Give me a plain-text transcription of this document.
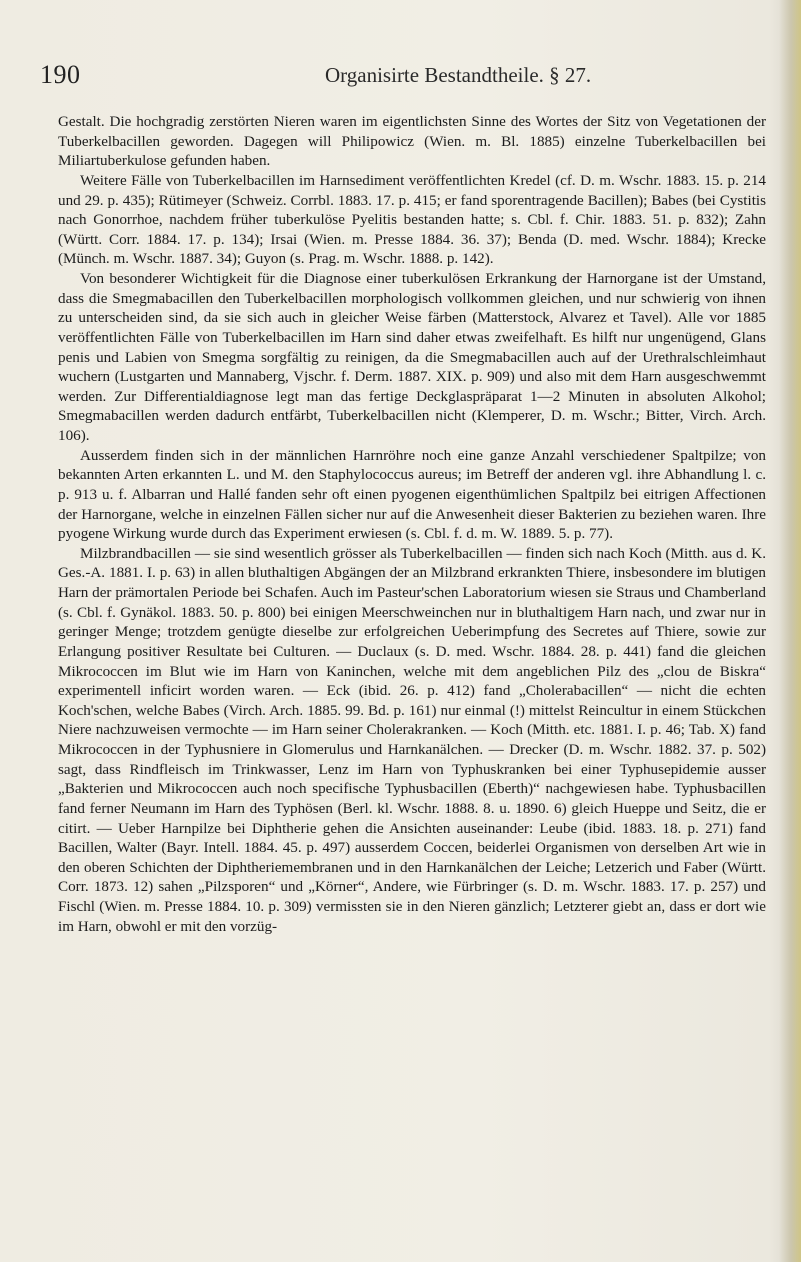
190	Organisirte Bestandtheile. § 27.

Gestalt. Die hochgradig zerstörten Nieren waren im eigentlichsten Sinne des Wortes der Sitz von Vegetationen der Tuberkelbacillen geworden. Dagegen will Philipowicz (Wien. m. Bl. 1885) einzelne Tuberkelbacillen bei Miliartuberkulose gefunden haben.

Weitere Fälle von Tuberkelbacillen im Harnsediment veröffentlichten Kredel (cf. D. m. Wschr. 1883. 15. p. 214 und 29. p. 435); Rütimeyer (Schweiz. Corrbl. 1883. 17. p. 415; er fand sporentragende Bacillen); Babes (bei Cystitis nach Gonorrhoe, nachdem früher tuberkulöse Pyelitis bestanden hatte; s. Cbl. f. Chir. 1883. 51. p. 832); Zahn (Württ. Corr. 1884. 17. p. 134); Irsai (Wien. m. Presse 1884. 36. 37); Benda (D. med. Wschr. 1884); Krecke (Münch. m. Wschr. 1887. 34); Guyon (s. Prag. m. Wschr. 1888. p. 142).

Von besonderer Wichtigkeit für die Diagnose einer tuberkulösen Erkrankung der Harnorgane ist der Umstand, dass die Smegmabacillen den Tuberkelbacillen morphologisch vollkommen gleichen, und nur schwierig von ihnen zu unterscheiden sind, da sie sich auch in gleicher Weise färben (Matterstock, Alvarez et Tavel). Alle vor 1885 veröffentlichten Fälle von Tuberkelbacillen im Harn sind daher etwas zweifelhaft. Es hilft nur ungenügend, Glans penis und Labien von Smegma sorgfältig zu reinigen, da die Smegmabacillen auch auf der Urethralschleimhaut wuchern (Lustgarten und Mannaberg, Vjschr. f. Derm. 1887. XIX. p. 909) und also mit dem Harn ausgeschwemmt werden. Zur Differentialdiagnose legt man das fertige Deckglaspräparat 1—2 Minuten in absoluten Alkohol; Smegmabacillen werden dadurch entfärbt, Tuberkelbacillen nicht (Klemperer, D. m. Wschr.; Bitter, Virch. Arch. 106).

Ausserdem finden sich in der männlichen Harnröhre noch eine ganze Anzahl verschiedener Spaltpilze; von bekannten Arten erkannten L. und M. den Staphylococcus aureus; im Betreff der anderen vgl. ihre Abhandlung l. c. p. 913 u. f. Albarran und Hallé fanden sehr oft einen pyogenen eigenthümlichen Spaltpilz bei eitrigen Affectionen der Harnorgane, welche in einzelnen Fällen sicher nur auf die Anwesenheit dieser Bakterien zu beziehen waren. Ihre pyogene Wirkung wurde durch das Experiment erwiesen (s. Cbl. f. d. m. W. 1889. 5. p. 77).

Milzbrandbacillen — sie sind wesentlich grösser als Tuberkelbacillen — finden sich nach Koch (Mitth. aus d. K. Ges.-A. 1881. I. p. 63) in allen bluthaltigen Abgängen der an Milzbrand erkrankten Thiere, insbesondere im blutigen Harn der prämortalen Periode bei Schafen. Auch im Pasteur'schen Laboratorium wiesen sie Straus und Chamberland (s. Cbl. f. Gynäkol. 1883. 50. p. 800) bei einigen Meerschweinchen nur in bluthaltigem Harn nach, und zwar nur in geringer Menge; trotzdem genügte dieselbe zur erfolgreichen Ueberimpfung des Secretes auf Thiere, sowie zur Erlangung positiver Resultate bei Culturen. — Duclaux (s. D. med. Wschr. 1884. 28. p. 441) fand die gleichen Mikrococcen im Blut wie im Harn von Kaninchen, welche mit dem angeblichen Pilz des „clou de Biskra“ experimentell inficirt worden waren. — Eck (ibid. 26. p. 412) fand „Cholerabacillen“ — nicht die echten Koch'schen, welche Babes (Virch. Arch. 1885. 99. Bd. p. 161) nur einmal (!) mittelst Reincultur in einem Stückchen Niere nachzuweisen vermochte — im Harn seiner Cholerakranken. — Koch (Mitth. etc. 1881. I. p. 46; Tab. X) fand Mikrococcen in der Typhusniere in Glomerulus und Harnkanälchen. — Drecker (D. m. Wschr. 1882. 37. p. 502) sagt, dass Rindfleisch im Trinkwasser, Lenz im Harn von Typhuskranken bei einer Typhusepidemie ausser „Bakterien und Mikrococcen auch noch specifische Typhusbacillen (Eberth)“ nachgewiesen habe. Typhusbacillen fand ferner Neumann im Harn des Typhösen (Berl. kl. Wschr. 1888. 8. u. 1890. 6) gleich Hueppe und Seitz, die er citirt. — Ueber Harnpilze bei Diphtherie gehen die Ansichten auseinander: Leube (ibid. 1883. 18. p. 271) fand Bacillen, Walter (Bayr. Intell. 1884. 45. p. 497) ausserdem Coccen, beiderlei Organismen von derselben Art wie in den oberen Schichten der Diphtheriemembranen und in den Harnkanälchen der Leiche; Letzerich und Faber (Württ. Corr. 1873. 12) sahen „Pilzsporen“ und „Körner“, Andere, wie Fürbringer (s. D. m. Wschr. 1883. 17. p. 257) und Fischl (Wien. m. Presse 1884. 10. p. 309) vermissten sie in den Nieren gänzlich; Letzterer giebt an, dass er dort wie im Harn, obwohl er mit den vorzüg-
